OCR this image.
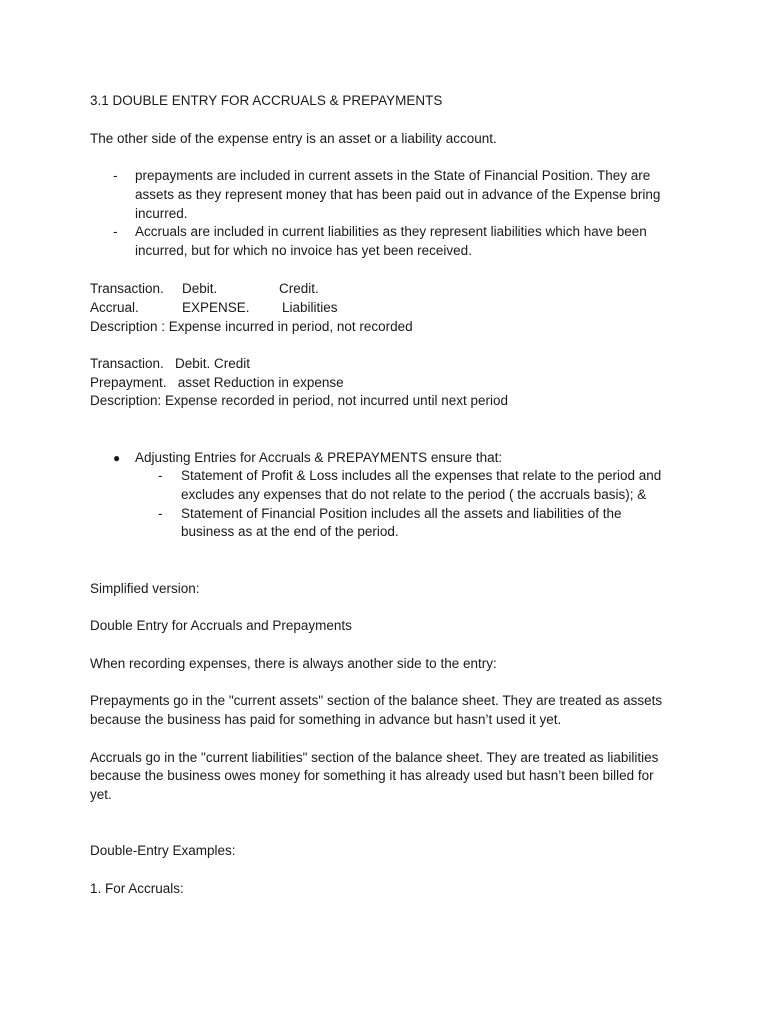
3.1 DOUBLE ENTRY FOR ACCRUALS & PREPAYMENTS
The other side of the expense entry is an asset or a liability account.
- prepayments are included in current assets in the State of Financial Position. They are
assets as they represent money that has been paid out in advance of the Expense bring
incurred.
- Accruals are included in current liabilities as they represent liabilities which have been
incurred, but for which no invoice has yet been received.
Transaction. Debit.	Credit.
Accrual.	EXPENSE. Liabilities
Description : Expense incurred in period, not recorded
Transaction.   Debit. Credit
Prepayment.   asset Reduction in expense
Description: Expense recorded in period, not incurred until next period
● Adjusting Entries for Accruals & PREPAYMENTS ensure that:
- Statement of Profit & Loss includes all the expenses that relate to the period and
excludes any expenses that do not relate to the period ( the accruals basis); &
- Statement of Financial Position includes all the assets and liabilities of the
business as at the end of the period.
Simplified version:
Double Entry for Accruals and Prepayments
When recording expenses, there is always another side to the entry:
Prepayments go in the "current assets" section of the balance sheet. They are treated as assets
because the business has paid for something in advance but hasn’t used it yet.
Accruals go in the "current liabilities" section of the balance sheet. They are treated as liabilities
because the business owes money for something it has already used but hasn’t been billed for
yet.
Double-Entry Examples:
1. For Accruals:
